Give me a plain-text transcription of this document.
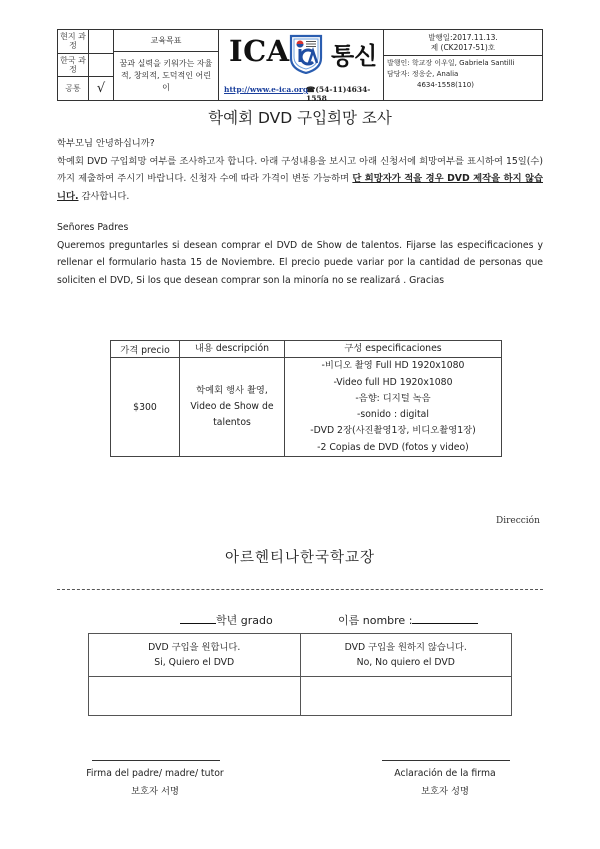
현지 과정
한국 과정
공통	√
교육목표
꿈과 실력을 키워가는 자율적, 창의적, 도덕적인 어린이
ICA 통신
http://www.e-ica.org
☎(54-11)4634-1558
발행일:2017.11.13.
제 (CK2017-51)호
발행인: 학교장 이우일, Gabriela Santilli
담당자: 정응순, Analia
4634-1558(110)
학예회 DVD 구입희망 조사

학부모님 안녕하십니까?

학예회 DVD 구입희망 여부를 조사하고자 합니다. 아래 구성내용을 보시고 아래 신청서에 희망여부를 표시하여 15일(수)까지 제출하여 주시기 바랍니다. 신청자 수에 따라 가격이 변동 가능하며 단 희망자가 적을 경우 DVD 제작을 하지 않습니다. 감사합니다.

Señores Padres

Queremos preguntarles si desean comprar el DVD de Show de talentos. Fijarse las especificaciones y rellenar el formulario hasta 15 de Noviembre. El precio puede variar por la cantidad de personas que soliciten el DVD, Si los que desean comprar son la minoría no se realizará . Gracias

가격 precio	내용 descripción	구성 especificaciones
$300	학예회 행사 촬영, Video de Show de talentos	
-비디오 촬영 Full HD 1920x1080
-Video full HD 1920x1080
-음향: 디지털 녹음
-sonido : digital
-DVD 2장(사진촬영1장, 비디오촬영1장)
-2 Copias de DVD (fotos y video)
Dirección
아르헨티나한국학교장
학년 grado	이름 nombre :
DVD 구입을 원합니다.
Si, Quiero el DVD

DVD 구입을 원하지 않습니다.
No, No quiero el DVD

Firma del padre/ madre/ tutor
보호자 서명
Aclaración de la firma
보호자 성명
